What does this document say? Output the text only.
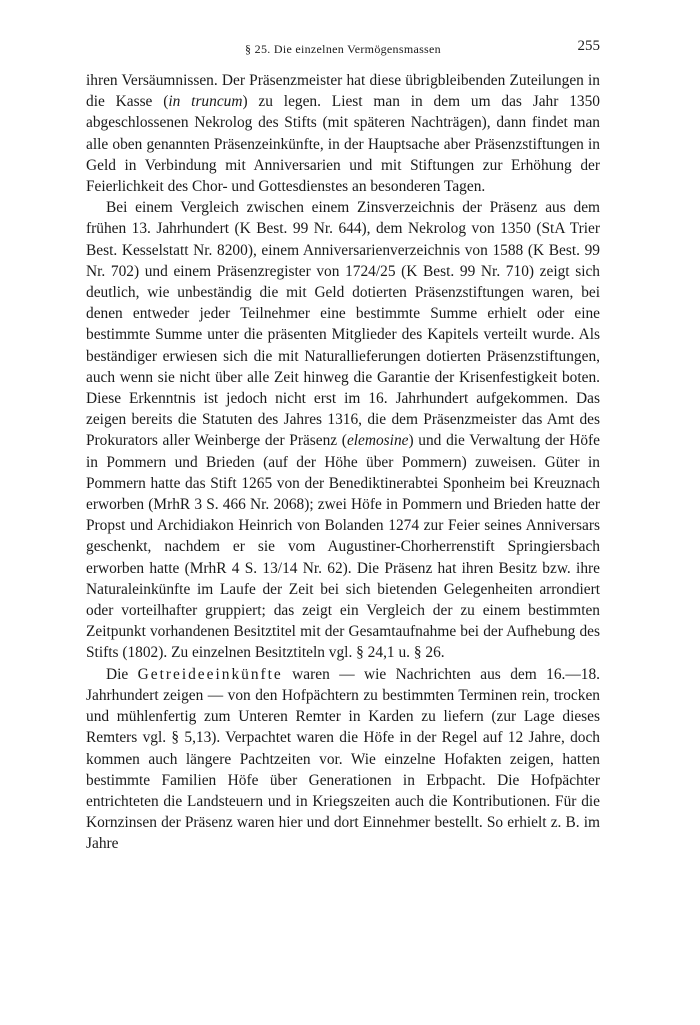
§ 25. Die einzelnen Vermögensmassen	255

ihren Versäumnissen. Der Präsenzmeister hat diese übrigbleibenden Zuteilungen in die Kasse (in truncum) zu legen. Liest man in dem um das Jahr 1350 abgeschlossenen Nekrolog des Stifts (mit späteren Nachträgen), dann findet man alle oben genannten Präsenzeinkünfte, in der Hauptsache aber Präsenzstiftungen in Geld in Verbindung mit Anniversarien und mit Stiftungen zur Erhöhung der Feierlichkeit des Chor- und Gottesdienstes an besonderen Tagen.

Bei einem Vergleich zwischen einem Zinsverzeichnis der Präsenz aus dem frühen 13. Jahrhundert (K Best. 99 Nr. 644), dem Nekrolog von 1350 (StA Trier Best. Kesselstatt Nr. 8200), einem Anniversarienverzeichnis von 1588 (K Best. 99 Nr. 702) und einem Präsenzregister von 1724/25 (K Best. 99 Nr. 710) zeigt sich deutlich, wie unbeständig die mit Geld dotierten Präsenzstiftungen waren, bei denen entweder jeder Teilnehmer eine bestimmte Summe erhielt oder eine bestimmte Summe unter die präsenten Mitglieder des Kapitels verteilt wurde. Als beständiger erwiesen sich die mit Naturallieferungen dotierten Präsenzstiftungen, auch wenn sie nicht über alle Zeit hinweg die Garantie der Krisenfestigkeit boten. Diese Erkenntnis ist jedoch nicht erst im 16. Jahrhundert aufgekommen. Das zeigen bereits die Statuten des Jahres 1316, die dem Präsenzmeister das Amt des Prokurators aller Weinberge der Präsenz (elemosine) und die Verwaltung der Höfe in Pommern und Brieden (auf der Höhe über Pommern) zuweisen. Güter in Pommern hatte das Stift 1265 von der Benediktinerabtei Sponheim bei Kreuznach erworben (MrhR 3 S. 466 Nr. 2068); zwei Höfe in Pommern und Brieden hatte der Propst und Archidiakon Heinrich von Bolanden 1274 zur Feier seines Anniversars geschenkt, nachdem er sie vom Augustiner-Chorherrenstift Springiersbach erworben hatte (MrhR 4 S. 13/14 Nr. 62). Die Präsenz hat ihren Besitz bzw. ihre Naturaleinkünfte im Laufe der Zeit bei sich bietenden Gelegenheiten arrondiert oder vorteilhafter gruppiert; das zeigt ein Vergleich der zu einem bestimmten Zeitpunkt vorhandenen Besitztitel mit der Gesamtaufnahme bei der Aufhebung des Stifts (1802). Zu einzelnen Besitztiteln vgl. § 24,1 u. § 26.

Die Getreideeinkünfte waren — wie Nachrichten aus dem 16.—18. Jahrhundert zeigen — von den Hofpächtern zu bestimmten Terminen rein, trocken und mühlenfertig zum Unteren Remter in Karden zu liefern (zur Lage dieses Remters vgl. § 5,13). Verpachtet waren die Höfe in der Regel auf 12 Jahre, doch kommen auch längere Pachtzeiten vor. Wie einzelne Hofakten zeigen, hatten bestimmte Familien Höfe über Generationen in Erbpacht. Die Hofpächter entrichteten die Landsteuern und in Kriegszeiten auch die Kontributionen. Für die Kornzinsen der Präsenz waren hier und dort Einnehmer bestellt. So erhielt z. B. im Jahre
